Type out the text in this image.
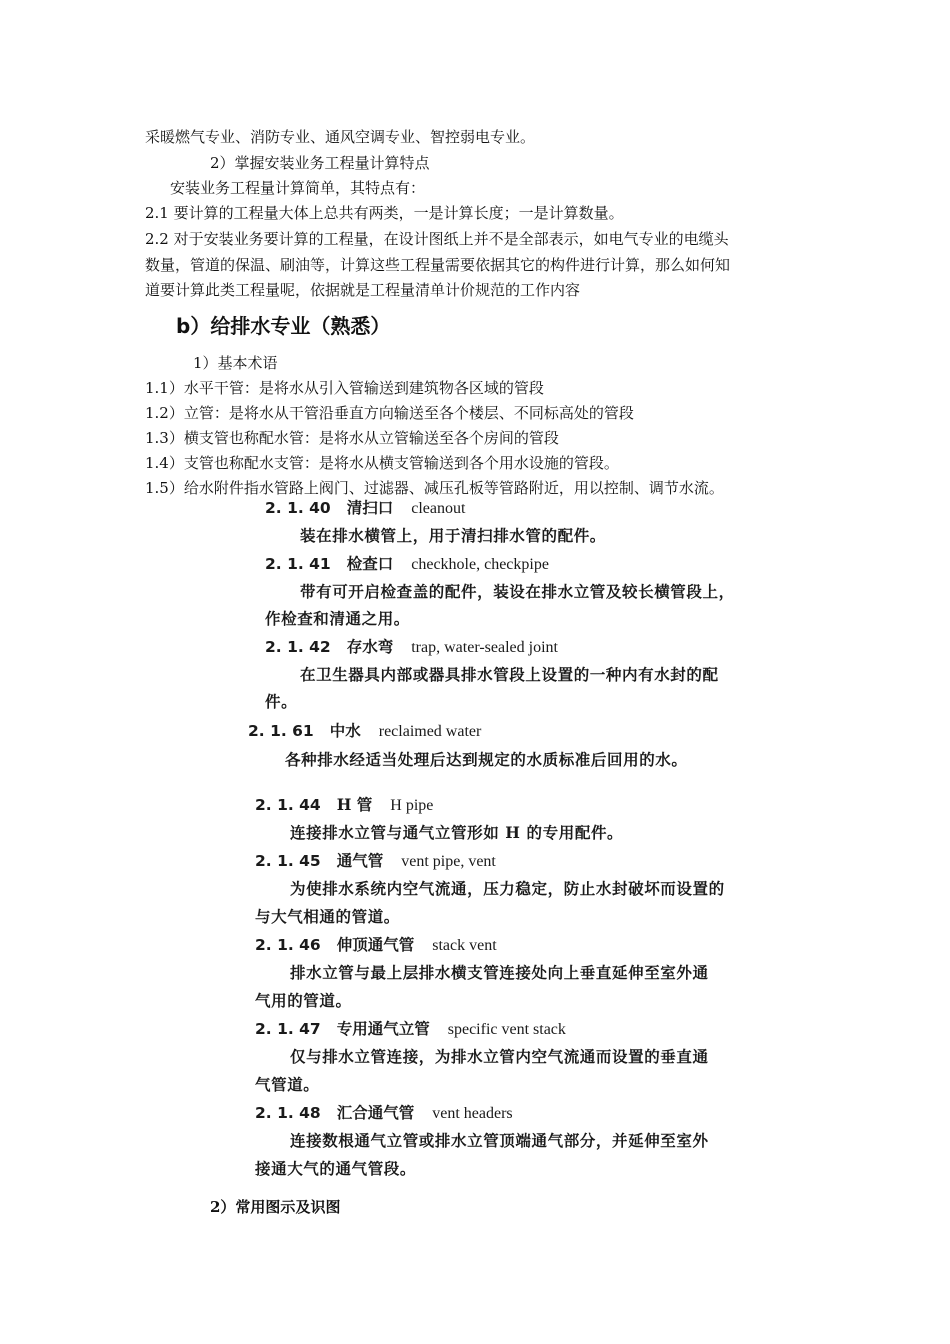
采暖燃气专业、消防专业、通风空调专业、智控弱电专业。
2）掌握安装业务工程量计算特点
安装业务工程量计算简单，其特点有：
2.1 要计算的工程量大体上总共有两类，一是计算长度；一是计算数量。
2.2 对于安装业务要计算的工程量，在设计图纸上并不是全部表示，如电气专业的电缆头
数量，管道的保温、刷油等，计算这些工程量需要依据其它的构件进行计算，那么如何知
道要计算此类工程量呢，依据就是工程量清单计价规范的工作内容
b）给排水专业（熟悉）
1）基本术语
1.1）水平干管：是将水从引入管输送到建筑物各区域的管段
1.2）立管：是将水从干管沿垂直方向输送至各个楼层、不同标高处的管段
1.3）横支管也称配水管：是将水从立管输送至各个房间的管段
1.4）支管也称配水支管：是将水从横支管输送到各个用水设施的管段。
1.5）给水附件指水管路上阀门、过滤器、减压孔板等管路附近，用以控制、调节水流。
2. 1. 40 清扫口 cleanout
装在排水横管上，用于清扫排水管的配件。
2. 1. 41 检查口 checkhole, checkpipe
带有可开启检查盖的配件，装设在排水立管及较长横管段上，
作检查和清通之用。
2. 1. 42 存水弯 trap, water-sealed joint
在卫生器具内部或器具排水管段上设置的一种内有水封的配
件。
2. 1. 61 中水 reclaimed water
各种排水经适当处理后达到规定的水质标准后回用的水。
2. 1. 44 H 管 H pipe
连接排水立管与通气立管形如 H 的专用配件。
2. 1. 45 通气管 vent pipe, vent
为使排水系统内空气流通，压力稳定，防止水封破坏而设置的
与大气相通的管道。
2. 1. 46 伸顶通气管 stack vent
排水立管与最上层排水横支管连接处向上垂直延伸至室外通
气用的管道。
2. 1. 47 专用通气立管 specific vent stack
仅与排水立管连接，为排水立管内空气流通而设置的垂直通
气管道。
2. 1. 48 汇合通气管 vent headers
连接数根通气立管或排水立管顶端通气部分，并延伸至室外
接通大气的通气管段。
2）常用图示及识图
